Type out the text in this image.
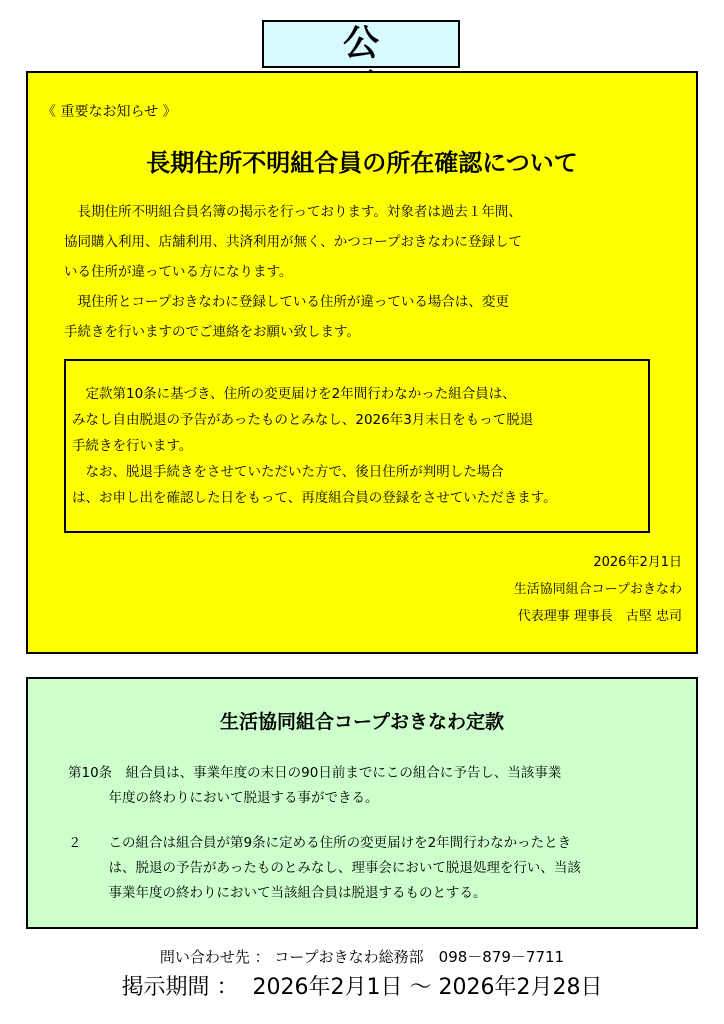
公　
《 重要なお知らせ 》
長期住所不明組合員の所在確認について

　長期住所不明組合員名簿の掲示を行っております。対象者は過去１年間、

協同購入利用、店舗利用、共済利用が無く、かつコープおきなわに登録して

いる住所が違っている方になります。

　現住所とコープおきなわに登録している住所が違っている場合は、変更

手続きを行いますのでご連絡をお願い致します。

　定款第10条に基づき、住所の変更届けを2年間行わなかった組合員は、

みなし自由脱退の予告があったものとみなし、2026年3月末日をもって脱退

手続きを行います。

　なお、脱退手続きをさせていただいた方で、後日住所が判明した場合

は、お申し出を確認した日をもって、再度組合員の登録をさせていただきます。

2026年2月1日
生活協同組合コープおきなわ
代表理事 理事長　古堅 忠司
生活協同組合コープおきなわ定款

第10条　組合員は、事業年度の末日の90日前までにこの組合に予告し、当該事業

　　　年度の終わりにおいて脱退する事ができる。

２　　この組合は組合員が第9条に定める住所の変更届けを2年間行わなかったとき

　　　は、脱退の予告があったものとみなし、理事会において脱退処理を行い、当該

　　　事業年度の終わりにおいて当該組合員は脱退するものとする。

問い合わせ先 ： コープおきなわ総務部　098－879－7711
掲示期間 ：  2026年2月1日 ～ 2026年2月28日
